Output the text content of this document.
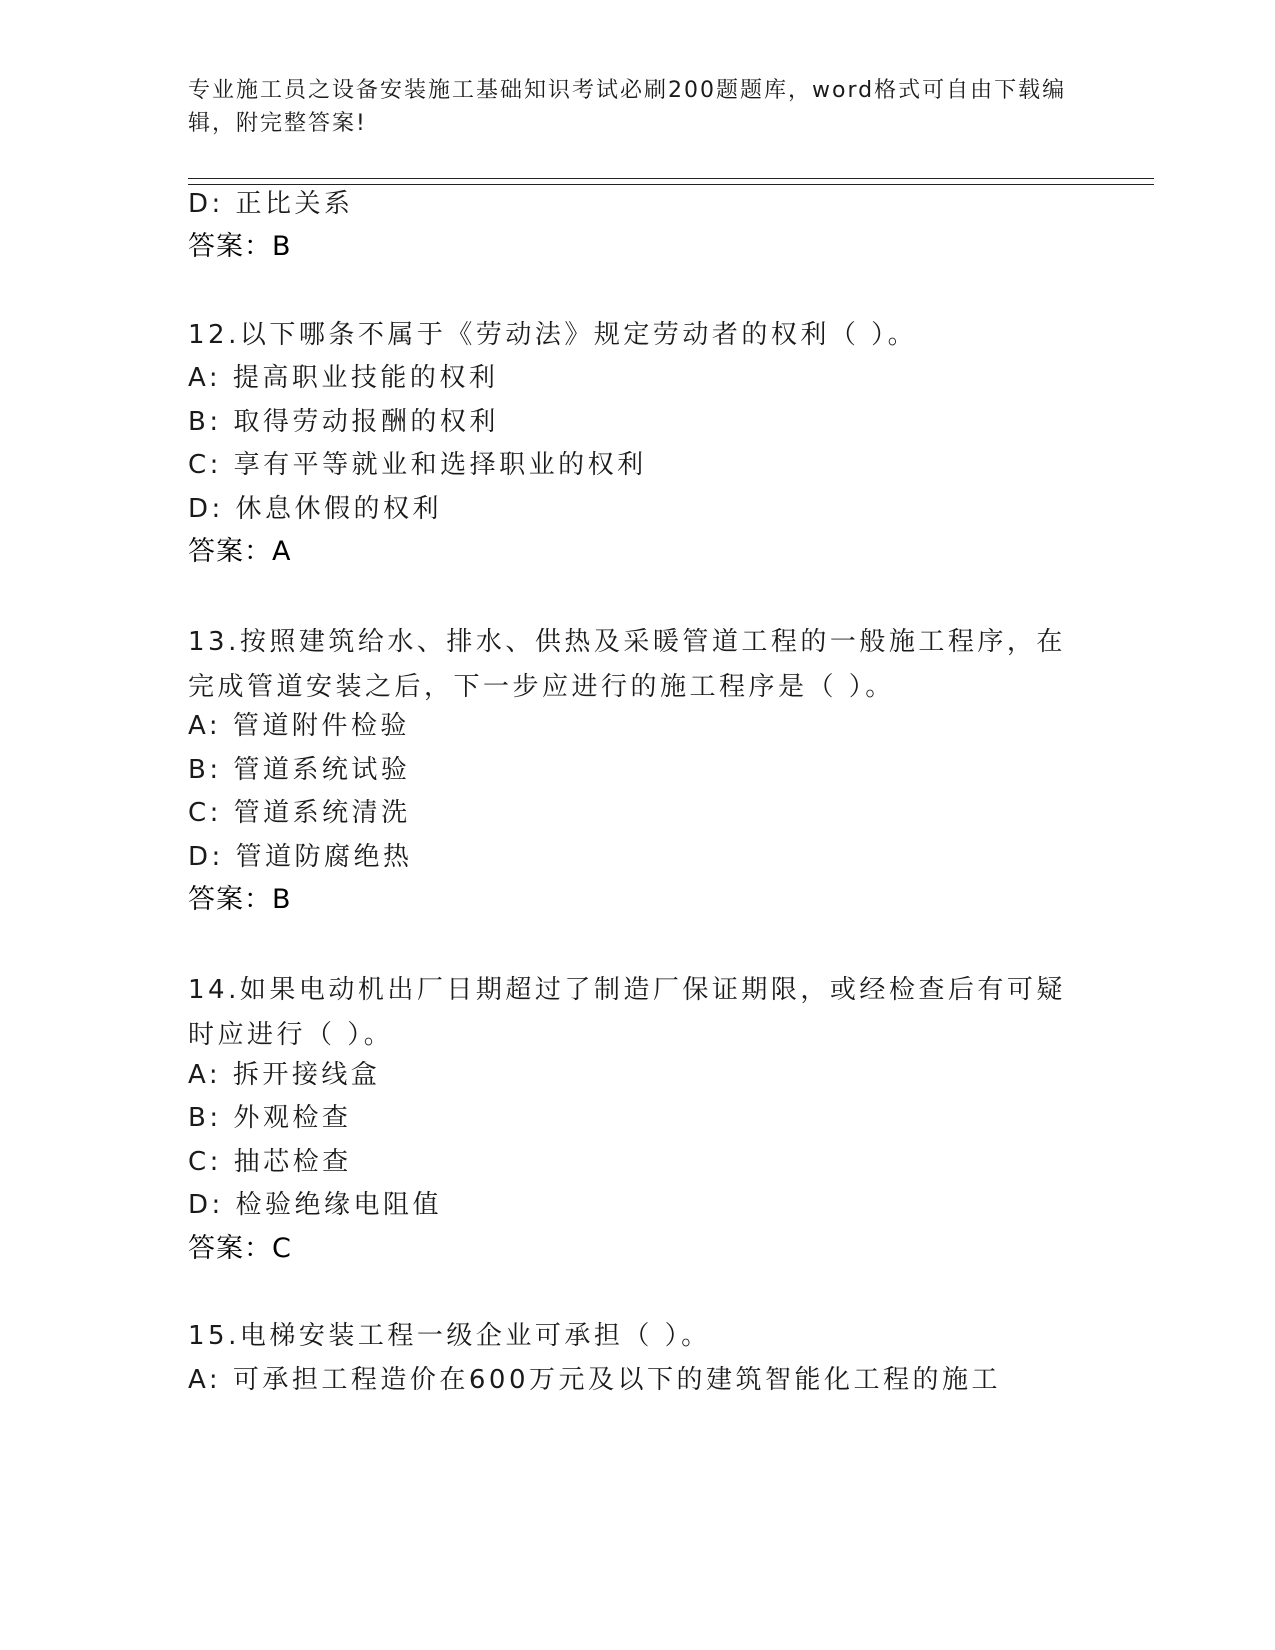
专业施工员之设备安装施工基础知识考试必刷200题题库，word格式可自由下载编辑，附完整答案!
D: 正比关系
答案：B
12.以下哪条不属于《劳动法》规定劳动者的权利（ ）。
A: 提高职业技能的权利
B: 取得劳动报酬的权利
C: 享有平等就业和选择职业的权利
D: 休息休假的权利
答案：A
13.按照建筑给水、排水、供热及采暖管道工程的一般施工程序，在完成管道安装之后，下一步应进行的施工程序是（ ）。
A: 管道附件检验
B: 管道系统试验
C: 管道系统清洗
D: 管道防腐绝热
答案：B
14.如果电动机出厂日期超过了制造厂保证期限，或经检查后有可疑时应进行（ ）。
A: 拆开接线盒
B: 外观检查
C: 抽芯检查
D: 检验绝缘电阻值
答案：C
15.电梯安装工程一级企业可承担（ ）。
A: 可承担工程造价在600万元及以下的建筑智能化工程的施工
